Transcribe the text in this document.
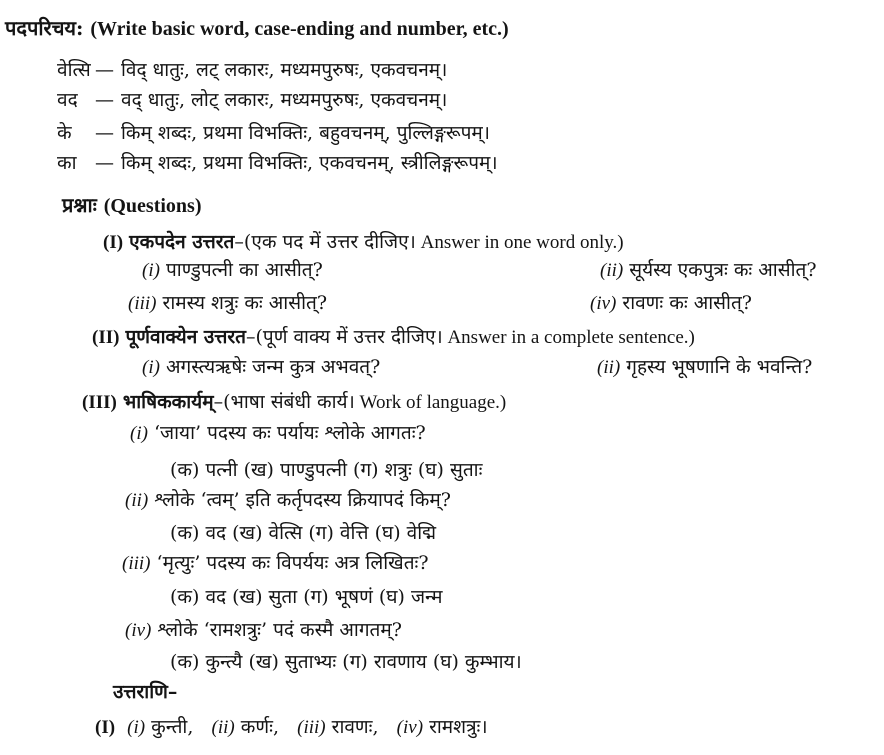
पदपरिचय: (Write basic word, case-ending and number, etc.)
वेत्सि — विद् धातुः, लट् लकारः, मध्यमपुरुषः, एकवचनम्।
वद — वद् धातुः, लोट् लकारः, मध्यमपुरुषः, एकवचनम्।
के — किम् शब्दः, प्रथमा विभक्तिः, बहुवचनम्, पुल्लिङ्गरूपम्।
का — किम् शब्दः, प्रथमा विभक्तिः, एकवचनम्, स्त्रीलिङ्गरूपम्।
प्रश्नाः (Questions)
(I) एकपदेन उत्तरत–(एक पद में उत्तर दीजिए। Answer in one word only.)
(i) पाण्डुपत्नी का आसीत्?	(ii) सूर्यस्य एकपुत्रः कः आसीत्?
(iii) रामस्य शत्रुः कः आसीत्?	(iv) रावणः कः आसीत्?
(II) पूर्णवाक्येन उत्तरत–(पूर्ण वाक्य में उत्तर दीजिए। Answer in a complete sentence.)
(i) अगस्त्यऋषेः जन्म कुत्र अभवत्?	(ii) गृहस्य भूषणानि के भवन्ति?
(III) भाषिककार्यम्–(भाषा संबंधी कार्य। Work of language.)
(i) ‘जाया’ पदस्य कः पर्यायः श्लोके आगतः?
(क) पत्नी (ख) पाण्डुपत्नी (ग) शत्रुः (घ) सुताः
(ii) श्लोके ‘त्वम्’ इति कर्तृपदस्य क्रियापदं किम्?
(क) वद (ख) वेत्सि (ग) वेत्ति (घ) वेद्मि
(iii) ‘मृत्युः’ पदस्य कः विपर्ययः अत्र लिखितः?
(क) वद (ख) सुता (ग) भूषणं (घ) जन्म
(iv) श्लोके ‘रामशत्रुः’ पदं कस्मै आगतम्?
(क) कुन्त्यै (ख) सुताभ्यः (ग) रावणाय (घ) कुम्भाय।
उत्तराणि–
(I) (i) कुन्ती, (ii) कर्णः, (iii) रावणः, (iv) रामशत्रुः।
